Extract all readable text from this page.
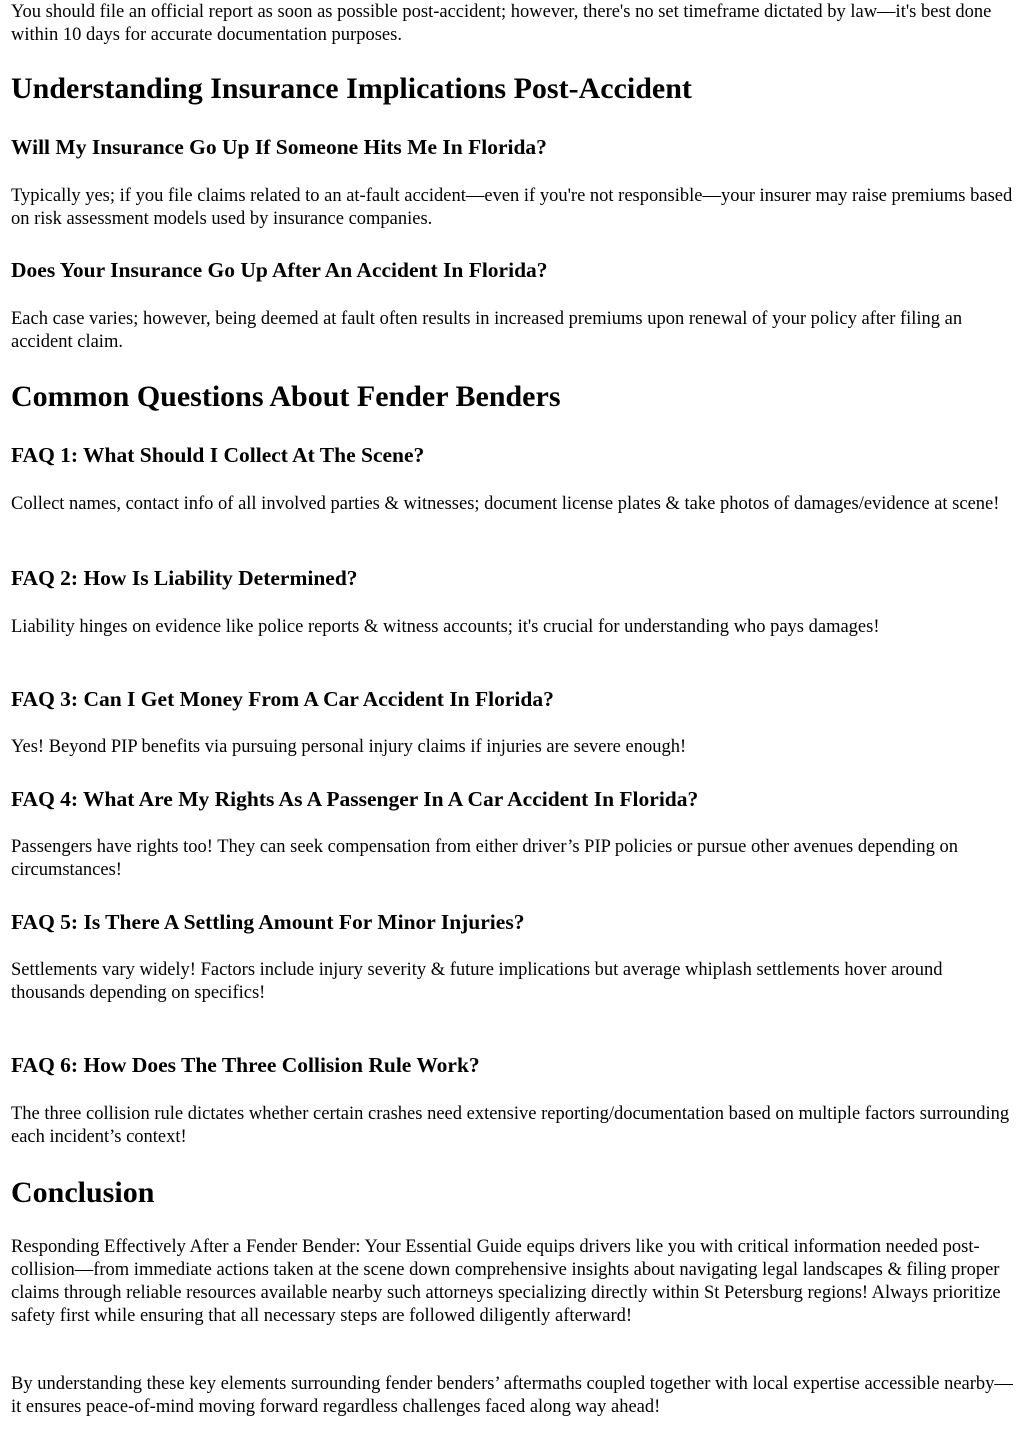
You should file an official report as soon as possible post-accident; however, there's no set timeframe dictated by law—it's best done within 10 days for accurate documentation purposes.

Understanding Insurance Implications Post-Accident
Will My Insurance Go Up If Someone Hits Me In Florida?

Typically yes; if you file claims related to an at-fault accident—even if you're not responsible—your insurer may raise premiums based on risk assessment models used by insurance companies.

Does Your Insurance Go Up After An Accident In Florida?

Each case varies; however, being deemed at fault often results in increased premiums upon renewal of your policy after filing an accident claim.

Common Questions About Fender Benders
FAQ 1: What Should I Collect At The Scene?

Collect names, contact info of all involved parties & witnesses; document license plates & take photos of damages/evidence at scene!

FAQ 2: How Is Liability Determined?

Liability hinges on evidence like police reports & witness accounts; it's crucial for understanding who pays damages!

FAQ 3: Can I Get Money From A Car Accident In Florida?

Yes! Beyond PIP benefits via pursuing personal injury claims if injuries are severe enough!

FAQ 4: What Are My Rights As A Passenger In A Car Accident In Florida?

Passengers have rights too! They can seek compensation from either driver’s PIP policies or pursue other avenues depending on circumstances!

FAQ 5: Is There A Settling Amount For Minor Injuries?

Settlements vary widely! Factors include injury severity & future implications but average whiplash settlements hover around thousands depending on specifics!

FAQ 6: How Does The Three Collision Rule Work?

The three collision rule dictates whether certain crashes need extensive reporting/documentation based on multiple factors surrounding each incident’s context!

Conclusion

Responding Effectively After a Fender Bender: Your Essential Guide equips drivers like you with critical information needed post-collision—from immediate actions taken at the scene down comprehensive insights about navigating legal landscapes & filing proper claims through reliable resources available nearby such attorneys specializing directly within St Petersburg regions! Always prioritize safety first while ensuring that all necessary steps are followed diligently afterward!

By understanding these key elements surrounding fender benders’ aftermaths coupled together with local expertise accessible nearby—it ensures peace-of-mind moving forward regardless challenges faced along way ahead!
